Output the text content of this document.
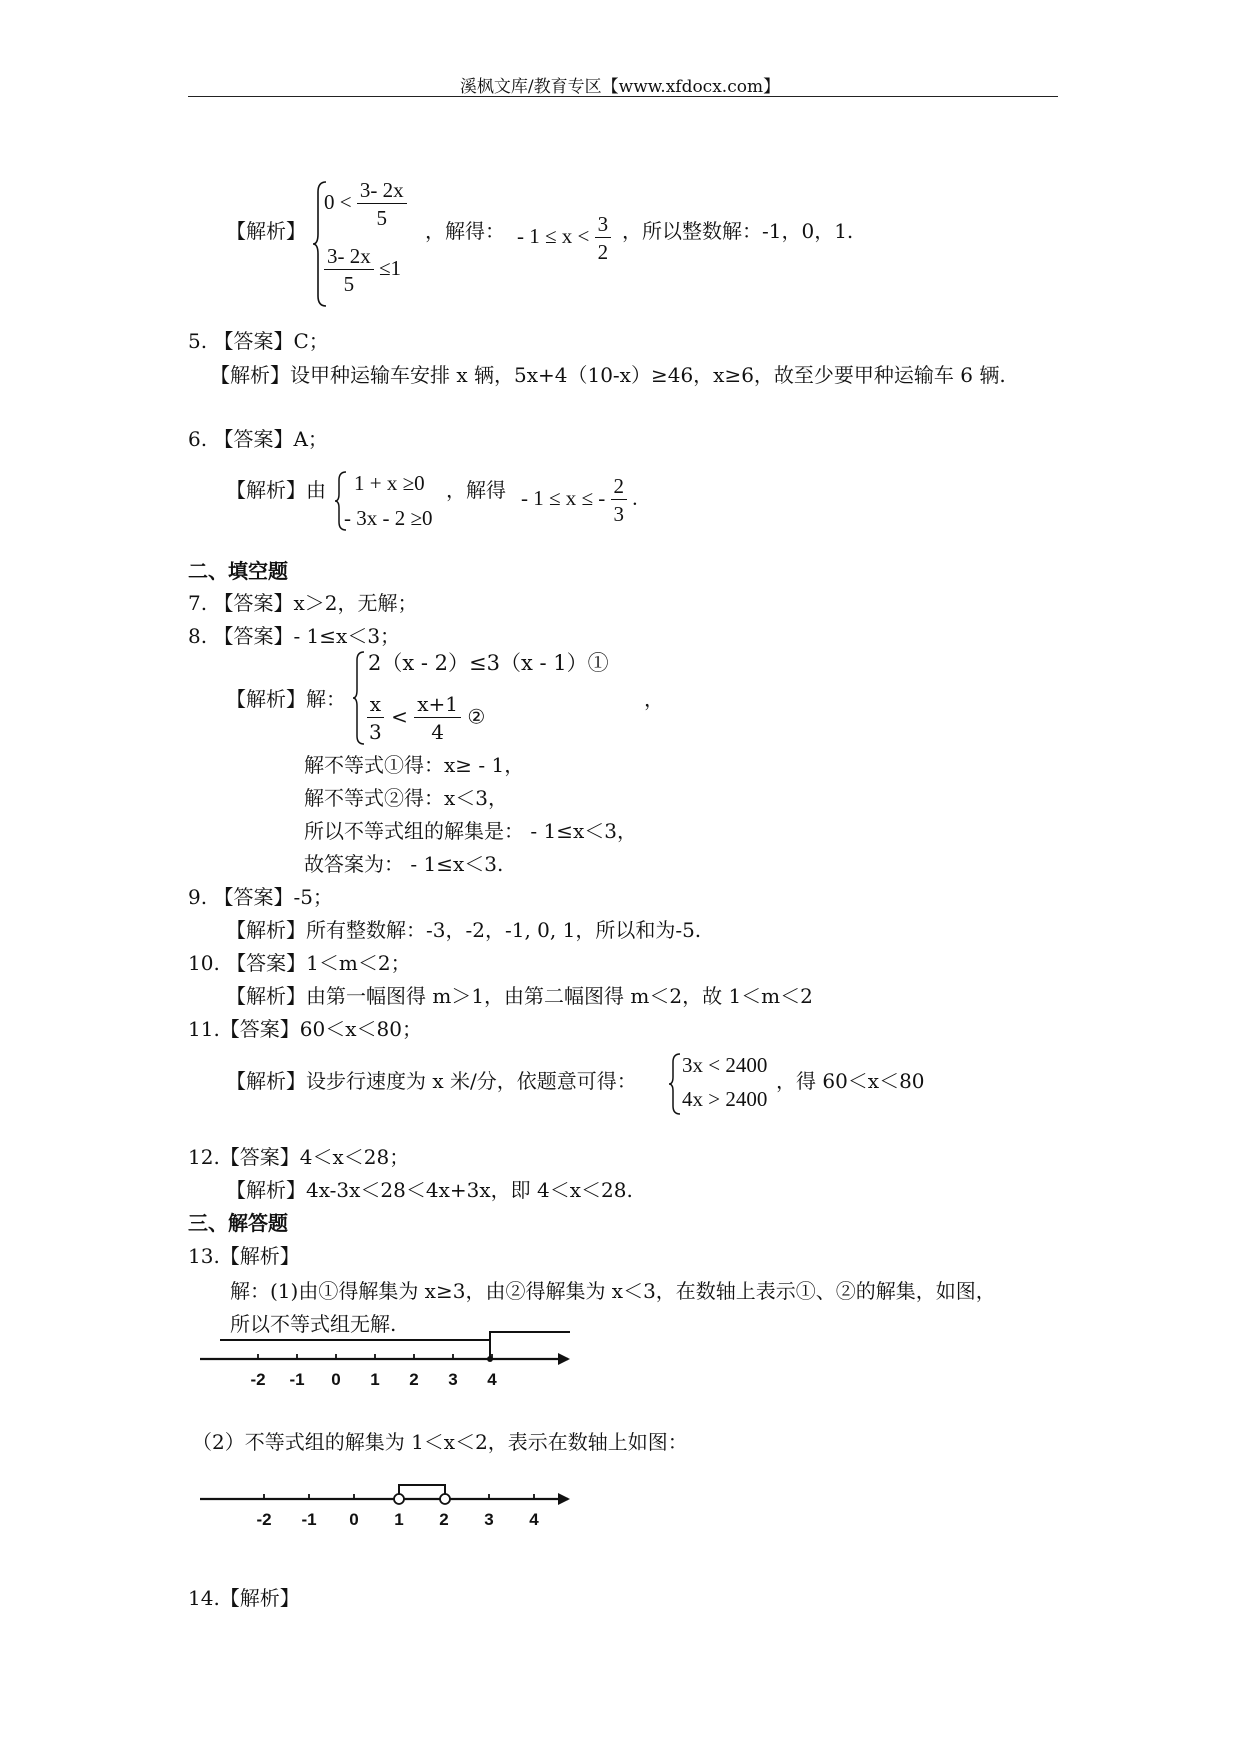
溪枫文库/教育专区【www.xfdocx.com】
【解析】
$0 < \frac{3- 2x}{5}$
$\frac{3- 2x}{5} \le 1$
，解得： - $1 \le x < \frac{3}{2}$ ，所以整数解：-1，0，1.
5. 【答案】C；
【解析】设甲种运输车安排 x 辆，5x+4（10-x）≥46，x≥6，故至少要甲种运输车 6 辆.
6. 【答案】A；
【解析】由 1 + x ≥0
- 3x - 2 ≥0
，解得 - 1 ≤ x ≤ - $\frac{2}{3}$ .
二、填空题
7. 【答案】x＞2，无解；
8. 【答案】- 1≤x＜3；
【解析】解：
2（x - 2）≤3（x - 1）①
$\frac{x}{3} < \frac{x+1}{4}$ ②
，
解不等式①得：x≥ - 1，
解不等式②得：x＜3，
所以不等式组的解集是： - 1≤x＜3，
故答案为： - 1≤x＜3.
9. 【答案】-5；
【解析】所有整数解：-3，-2，-1, 0, 1，所以和为-5.
10. 【答案】1＜m＜2；
【解析】由第一幅图得 m＞1，由第二幅图得 m＜2，故 1＜m＜2
11.【答案】60＜x＜80；
【解析】设步行速度为 x 米/分，依题意可得：
3x < 2400
4x > 2400
，得 60＜x＜80
12.【答案】4＜x＜28；
【解析】4x-3x＜28＜4x+3x，即 4＜x＜28.
三、解答题
13.【解析】
解：(1)由①得解集为 x≥3，由②得解集为 x＜3，在数轴上表示①、②的解集，如图，
所以不等式组无解.
-2 -1 0 1 2 3 4
（2）不等式组的解集为 1＜x＜2，表示在数轴上如图：
-2 -1 0 1 2 3 4
14.【解析】
